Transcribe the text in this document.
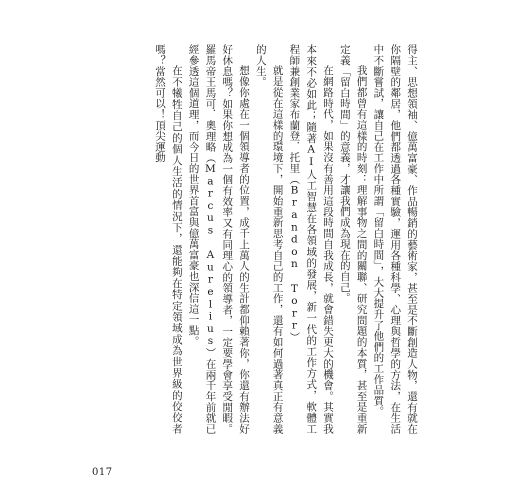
得主、思想領袖、億萬富豪、作品暢銷的藝術家，甚至是不斷創造人物，還有就在你隔壁的鄰居，他們都透過各種實驗，運用各種科學、心理與哲學的方法，在生活中不斷嘗試，讓自己在工作中所謂「留白時間」，大大提升了他們的工作品質。

我們都曾有這樣的時刻：理解事物之間的關聯、研究問題的本質，甚至是重新定義「留白時間」的意義，才讓我們成為現在的自己。

在網路時代，如果沒有善用這段時間自我成長，就會錯失更大的機會。其實我本來不必如此；隨著AI人工智慧在各領域的發展，新一代的工作方式，軟體工程師兼創業家布蘭登．托里（Brandon Torr）

就是從在這樣的環境下，開始重新思考自己的工作，還有如何過著真正有意義的人生。

想像你處在一個領導者的位置，成千上萬人的生計都仰賴著你，你還有辦法好好休息嗎？如果你想成為一個有效率又有同理心的領導者，一定要學會享受閒暇。羅馬帝王馬可．奧理略（Marcus Aurelius）在兩千年前就已經參透這個道理，而今日的世界首富與億萬富豪也深信這一點。

在不犧牲自己的個人生活的情況下，還能夠在特定領域成為世界級的佼佼者嗎？當然可以！頂尖運動

017
